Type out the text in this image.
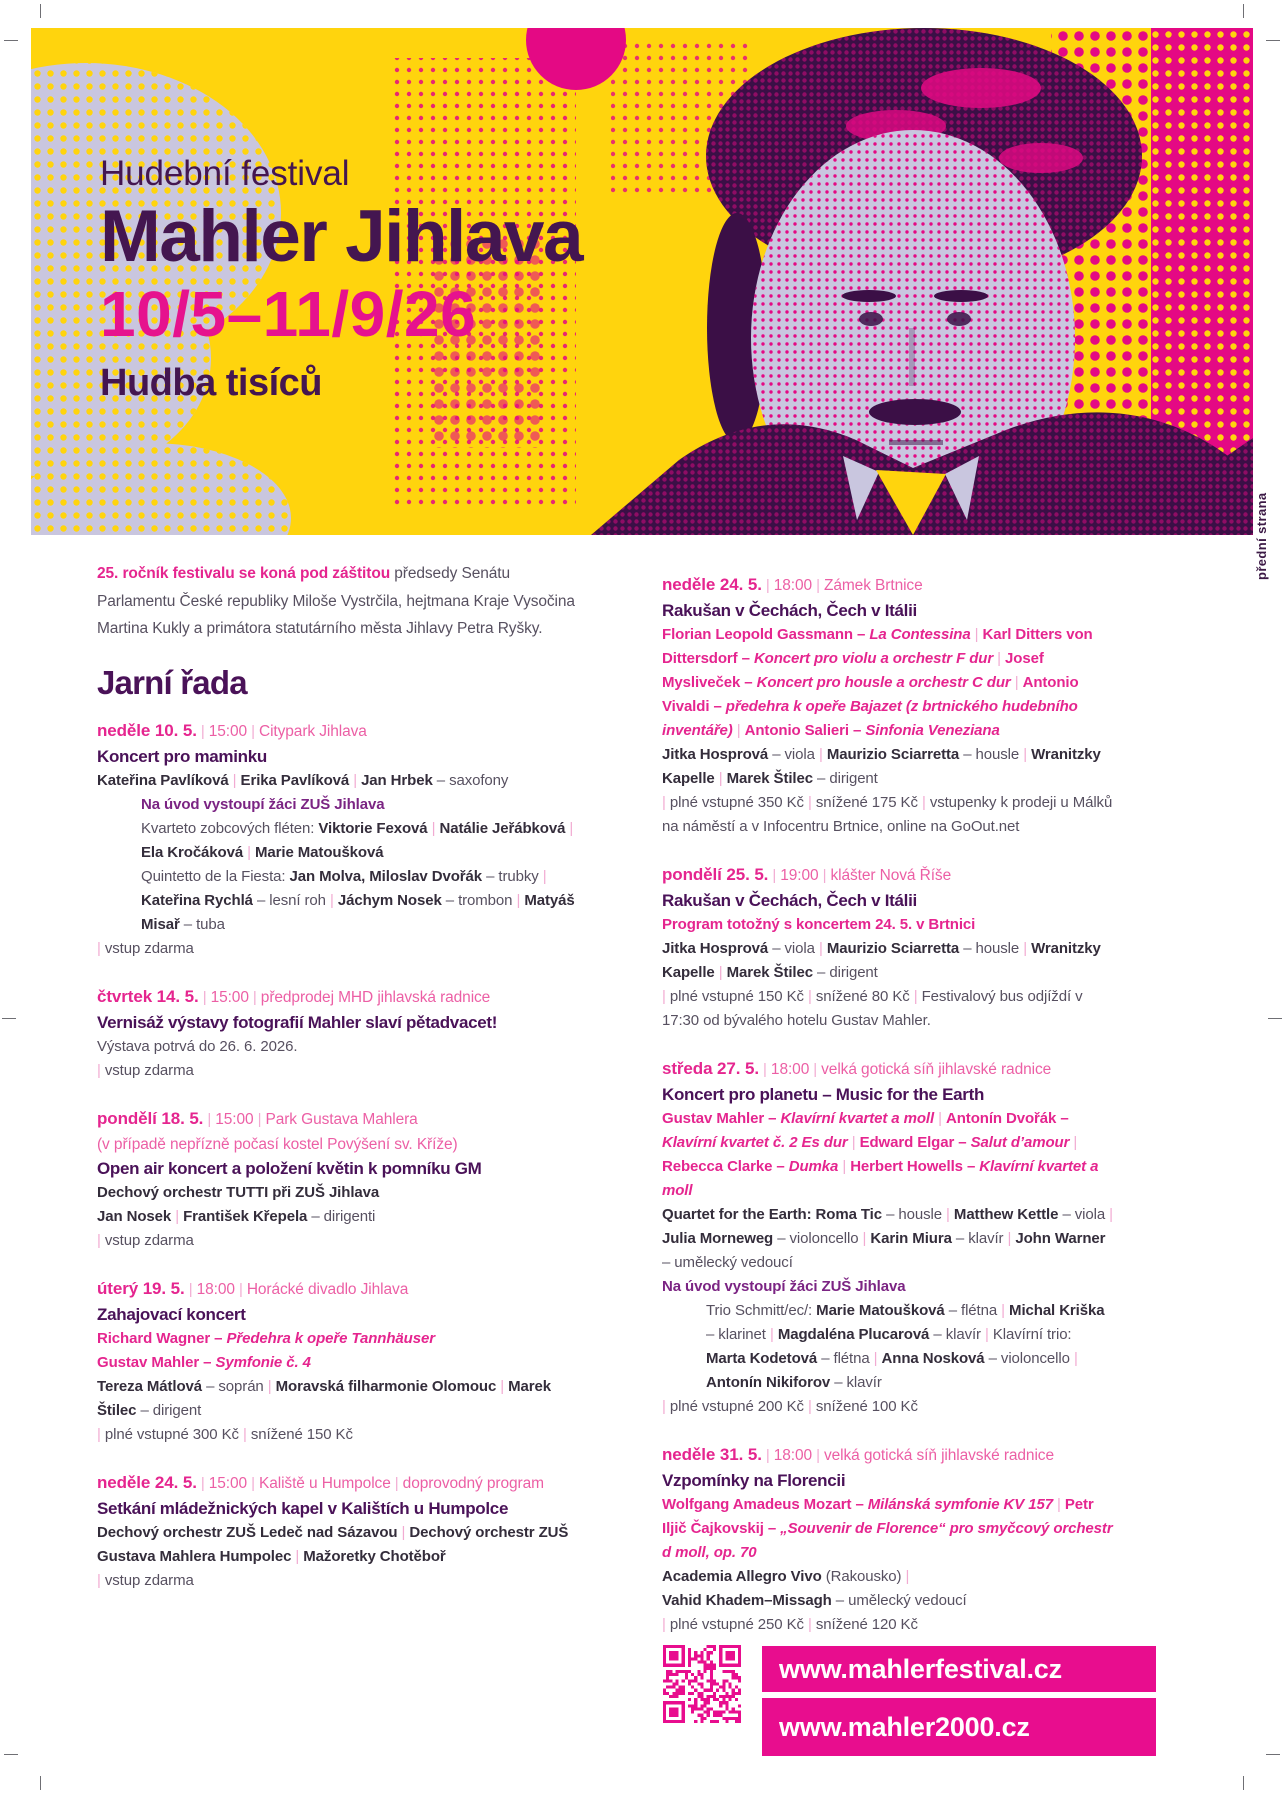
Hudební festival
Mahler Jihlava
10/5–11/9/26
Hudba tisíců
přední strana

25. ročník festivalu se koná pod záštitou předsedy Senátu Parlamentu České republiky Miloše Vystrčila, hejtmana Kraje Vysočina Martina Kukly a primátora statutárního města Jihlavy Petra Ryšky.

Jarní řada

neděle 10. 5. | 15:00 | Citypark Jihlava

Koncert pro maminku

Kateřina Pavlíková | Erika Pavlíková | Jan Hrbek – saxofony

Na úvod vystoupí žáci ZUŠ Jihlava

Kvarteto zobcových fléten: Viktorie Fexová | Natálie Jeřábková | Ela Kročáková | Marie Matoušková

Quintetto de la Fiesta: Jan Molva, Miloslav Dvořák – trubky | Kateřina Rychlá – lesní roh | Jáchym Nosek – trombon | Matyáš Misař – tuba

| vstup zdarma

čtvrtek 14. 5. | 15:00 | předprodej MHD jihlavská radnice

Vernisáž výstavy fotografií Mahler slaví pětadvacet!

Výstava potrvá do 26. 6. 2026.

| vstup zdarma

pondělí 18. 5. | 15:00 | Park Gustava Mahlera

(v případě nepřízně počasí kostel Povýšení sv. Kříže)

Open air koncert a položení květin k pomníku GM

Dechový orchestr TUTTI při ZUŠ Jihlava

Jan Nosek | František Křepela – dirigenti

| vstup zdarma

úterý 19. 5. | 18:00 | Horácké divadlo Jihlava

Zahajovací koncert

Richard Wagner – Předehra k opeře Tannhäuser

Gustav Mahler – Symfonie č. 4

Tereza Mátlová – soprán | Moravská filharmonie Olomouc | Marek Štilec – dirigent

| plné vstupné 300 Kč | snížené 150 Kč

neděle 24. 5. | 15:00 | Kaliště u Humpolce | doprovodný program

Setkání mládežnických kapel v Kalištích u Humpolce

Dechový orchestr ZUŠ Ledeč nad Sázavou | Dechový orchestr ZUŠ Gustava Mahlera Humpolec | Mažoretky Chotěboř

| vstup zdarma

neděle 24. 5. | 18:00 | Zámek Brtnice

Rakušan v Čechách, Čech v Itálii

Florian Leopold Gassmann – La Contessina | Karl Ditters von Dittersdorf – Koncert pro violu a orchestr F dur | Josef Mysliveček – Koncert pro housle a orchestr C dur | Antonio Vivaldi – předehra k opeře Bajazet (z brtnického hudebního inventáře) | Antonio Salieri – Sinfonia Veneziana

Jitka Hosprová – viola | Maurizio Sciarretta – housle | Wranitzky Kapelle | Marek Štilec – dirigent

| plné vstupné 350 Kč | snížené 175 Kč | vstupenky k prodeji u Málků na náměstí a v Infocentru Brtnice, online na GoOut.net

pondělí 25. 5. | 19:00 | klášter Nová Říše

Rakušan v Čechách, Čech v Itálii

Program totožný s koncertem 24. 5. v Brtnici

Jitka Hosprová – viola | Maurizio Sciarretta – housle | Wranitzky Kapelle | Marek Štilec – dirigent

| plné vstupné 150 Kč | snížené 80 Kč | Festivalový bus odjíždí v 17:30 od bývalého hotelu Gustav Mahler.

středa 27. 5. | 18:00 | velká gotická síň jihlavské radnice

Koncert pro planetu – Music for the Earth

Gustav Mahler – Klavírní kvartet a moll | Antonín Dvořák – Klavírní kvartet č. 2 Es dur | Edward Elgar – Salut d’amour | Rebecca Clarke – Dumka | Herbert Howells – Klavírní kvartet a moll

Quartet for the Earth: Roma Tic – housle | Matthew Kettle – viola | Julia Morneweg – violoncello | Karin Miura – klavír | John Warner – umělecký vedoucí

Na úvod vystoupí žáci ZUŠ Jihlava

Trio Schmitt/ec/: Marie Matoušková – flétna | Michal Kriška – klarinet | Magdaléna Plucarová – klavír | Klavírní trio: Marta Kodetová – flétna | Anna Nosková – violoncello | Antonín Nikiforov – klavír

| plné vstupné 200 Kč | snížené 100 Kč

neděle 31. 5. | 18:00 | velká gotická síň jihlavské radnice

Vzpomínky na Florencii

Wolfgang Amadeus Mozart – Milánská symfonie KV 157 | Petr Iljič Čajkovskij – „Souvenir de Florence“ pro smyčcový orchestr d moll, op. 70

Academia Allegro Vivo (Rakousko) |

Vahid Khadem–Missagh – umělecký vedoucí

| plné vstupné 250 Kč | snížené 120 Kč

www.mahlerfestival.cz
www.mahler2000.cz
